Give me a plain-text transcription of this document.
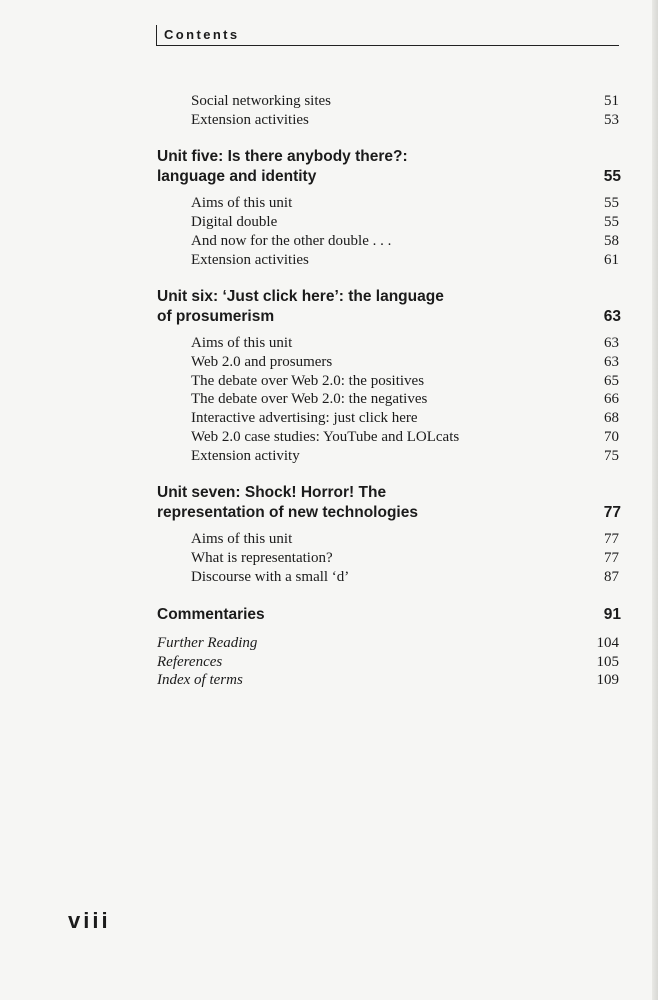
Contents
Social networking sites	51
Extension activities	53
Unit five: Is there anybody there?:
language and identity	55
Aims of this unit	55
Digital double	55
And now for the other double . . .	58
Extension activities	61
Unit six: ‘Just click here’: the language
of prosumerism	63
Aims of this unit	63
Web 2.0 and prosumers	63
The debate over Web 2.0: the positives	65
The debate over Web 2.0: the negatives	66
Interactive advertising: just click here	68
Web 2.0 case studies: YouTube and LOLcats	70
Extension activity	75
Unit seven: Shock! Horror! The
representation of new technologies	77
Aims of this unit	77
What is representation?	77
Discourse with a small ‘d’	87
Commentaries	91
Further Reading	104
References	105
Index of terms	109
viii
